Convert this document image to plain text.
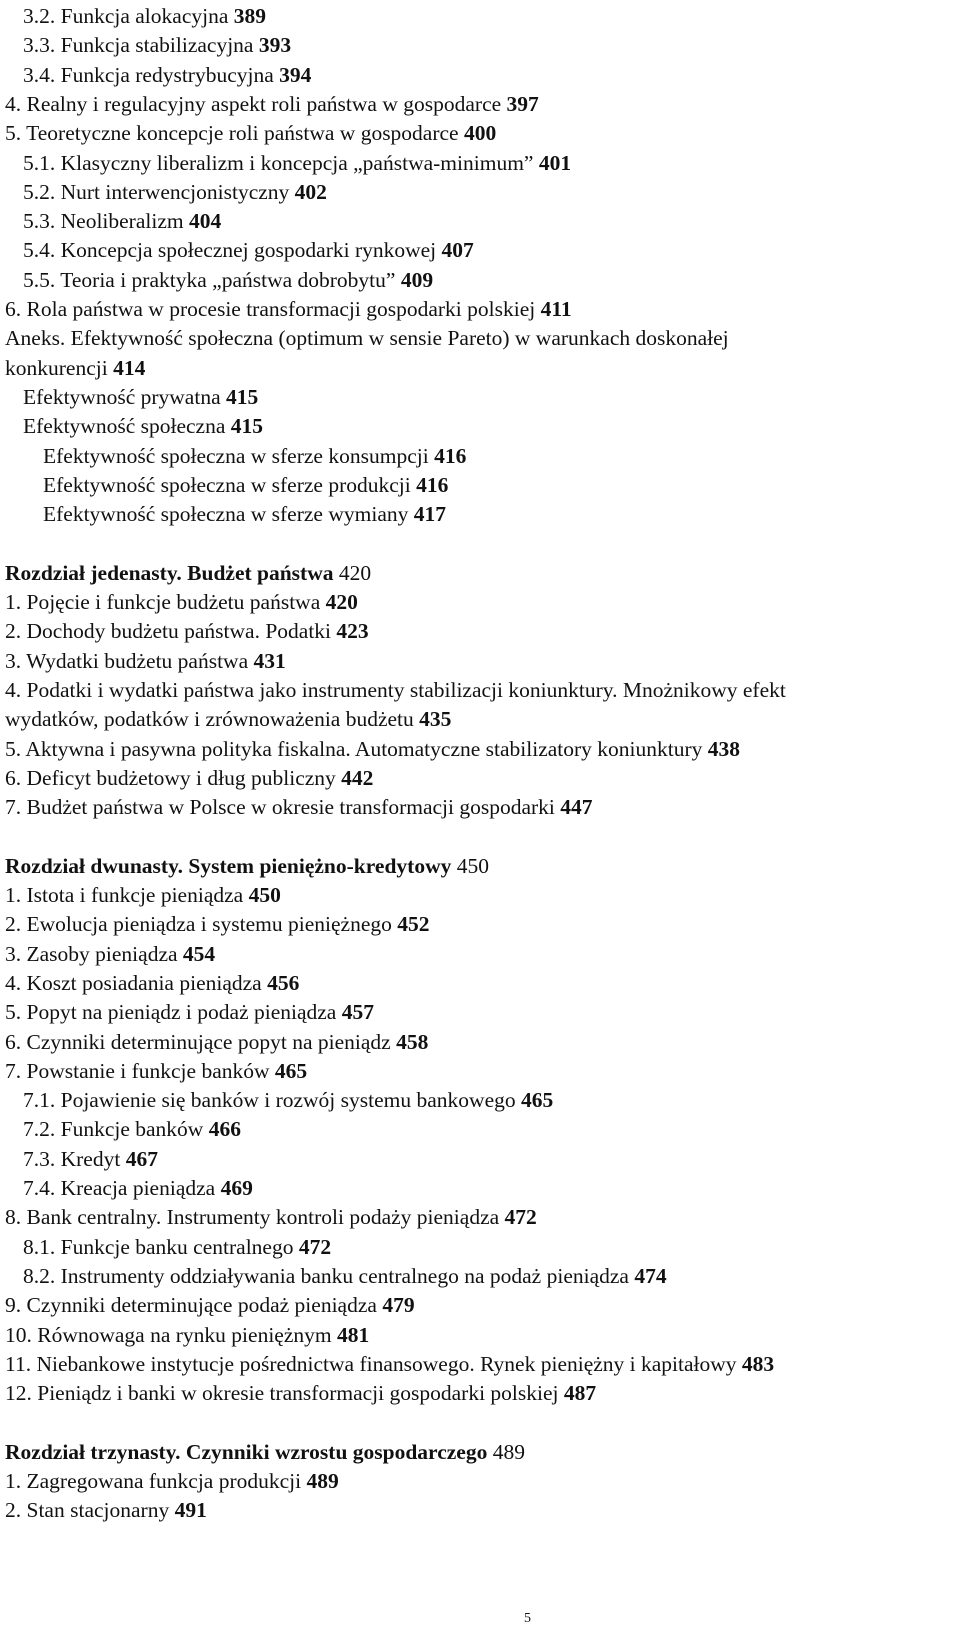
3.2. Funkcja alokacyjna 389
3.3. Funkcja stabilizacyjna 393
3.4. Funkcja redystrybucyjna 394
4. Realny i regulacyjny aspekt roli państwa w gospodarce 397
5. Teoretyczne koncepcje roli państwa w gospodarce 400
5.1. Klasyczny liberalizm i koncepcja „państwa-minimum” 401
5.2. Nurt interwencjonistyczny 402
5.3. Neoliberalizm 404
5.4. Koncepcja społecznej gospodarki rynkowej 407
5.5. Teoria i praktyka „państwa dobrobytu” 409
6. Rola państwa w procesie transformacji gospodarki polskiej 411
Aneks. Efektywność społeczna (optimum w sensie Pareto) w warunkach doskonałej
konkurencji 414
Efektywność prywatna 415
Efektywność społeczna 415
Efektywność społeczna w sferze konsumpcji 416
Efektywność społeczna w sferze produkcji 416
Efektywność społeczna w sferze wymiany 417
Rozdział jedenasty. Budżet państwa 420
1. Pojęcie i funkcje budżetu państwa 420
2. Dochody budżetu państwa. Podatki 423
3. Wydatki budżetu państwa 431
4. Podatki i wydatki państwa jako instrumenty stabilizacji koniunktury. Mnożnikowy efekt
wydatków, podatków i zrównoważenia budżetu 435
5. Aktywna i pasywna polityka fiskalna. Automatyczne stabilizatory koniunktury 438
6. Deficyt budżetowy i dług publiczny 442
7. Budżet państwa w Polsce w okresie transformacji gospodarki 447
Rozdział dwunasty. System pieniężno-kredytowy 450
1. Istota i funkcje pieniądza 450
2. Ewolucja pieniądza i systemu pieniężnego 452
3. Zasoby pieniądza 454
4. Koszt posiadania pieniądza 456
5. Popyt na pieniądz i podaż pieniądza 457
6. Czynniki determinujące popyt na pieniądz 458
7. Powstanie i funkcje banków 465
7.1. Pojawienie się banków i rozwój systemu bankowego 465
7.2. Funkcje banków 466
7.3. Kredyt 467
7.4. Kreacja pieniądza 469
8. Bank centralny. Instrumenty kontroli podaży pieniądza 472
8.1. Funkcje banku centralnego 472
8.2. Instrumenty oddziaływania banku centralnego na podaż pieniądza 474
9. Czynniki determinujące podaż pieniądza 479
10. Równowaga na rynku pieniężnym 481
11. Niebankowe instytucje pośrednictwa finansowego. Rynek pieniężny i kapitałowy 483
12. Pieniądz i banki w okresie transformacji gospodarki polskiej 487
Rozdział trzynasty. Czynniki wzrostu gospodarczego 489
1. Zagregowana funkcja produkcji 489
2. Stan stacjonarny 491
5
